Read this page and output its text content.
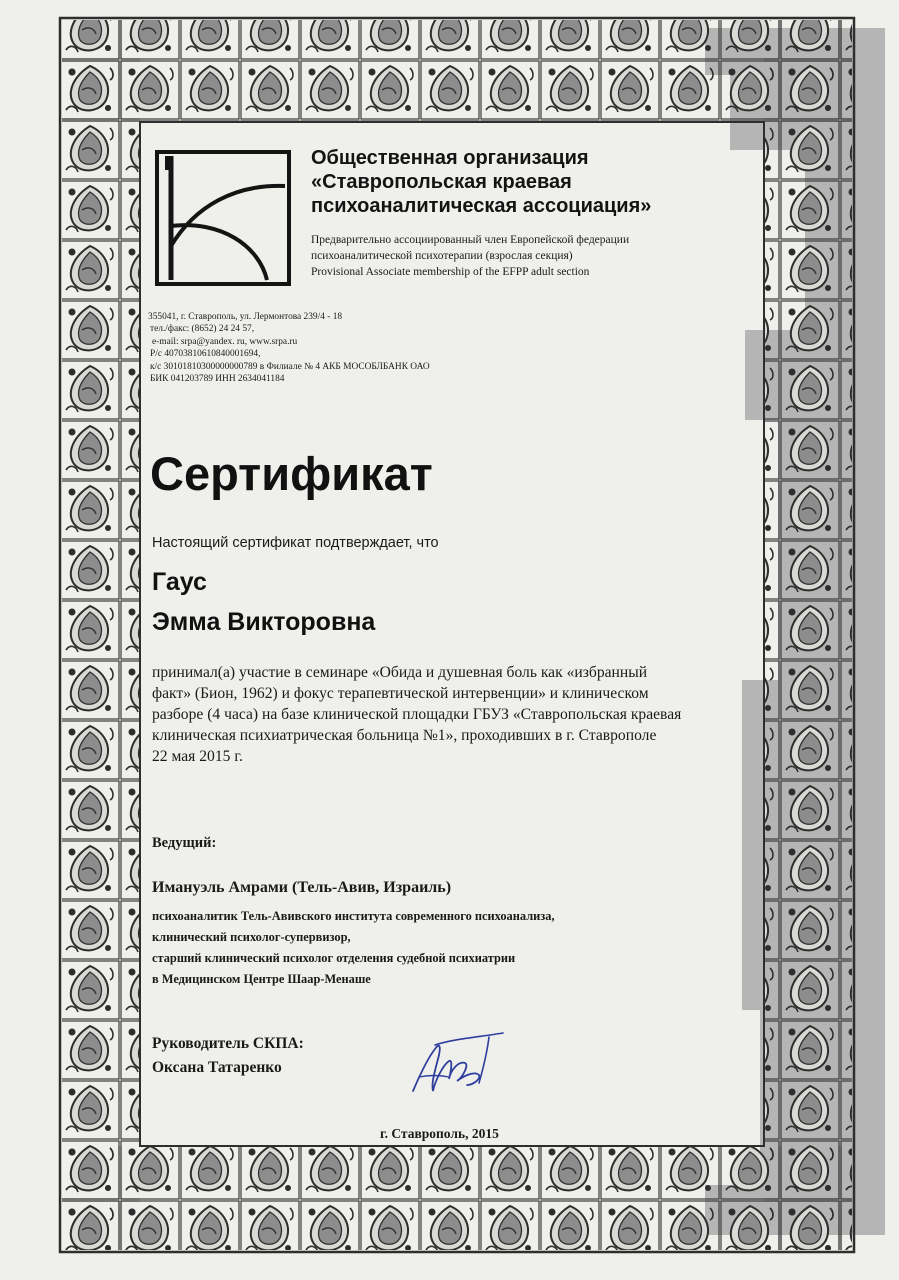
Общественная организация
«Ставропольская краевая
психоаналитическая ассоциация»
Предварительно ассоциированный член Европейской федерации
психоаналитической психотерапии (взрослая секция)
Provisional Associate membership of the EFPP adult section
355041, г. Ставрополь, ул. Лермонтова 239/4 - 18
тел./факс: (8652) 24 24 57,
e-mail: srpa@yandex. ru, www.srpa.ru
Р/с 40703810610840001694,
к/с 30101810300000000789 в Филиале № 4 АКБ МОСОБЛБАНК ОАО
БИК 041203789 ИНН 2634041184
Сертификат
Настоящий сертификат подтверждает, что
Гаус
Эмма Викторовна
принимал(а) участие в семинаре «Обида и душевная боль как «избранный
факт» (Бион, 1962) и фокус терапевтической интервенции» и клиническом
разборе (4 часа) на базе клинической площадки ГБУЗ «Ставропольская краевая
клиническая психиатрическая больница №1», проходивших в г. Ставрополе
22 мая 2015 г.
Ведущий:
Имануэль Амрами (Тель-Авив, Израиль)
психоаналитик Тель-Авивского института современного психоанализа,
клинический психолог-супервизор,
старший клинический психолог отделения судебной психиатрии
в Медицинском Центре Шаар-Менаше
Руководитель СКПА:
Оксана Татаренко
г. Ставрополь, 2015
